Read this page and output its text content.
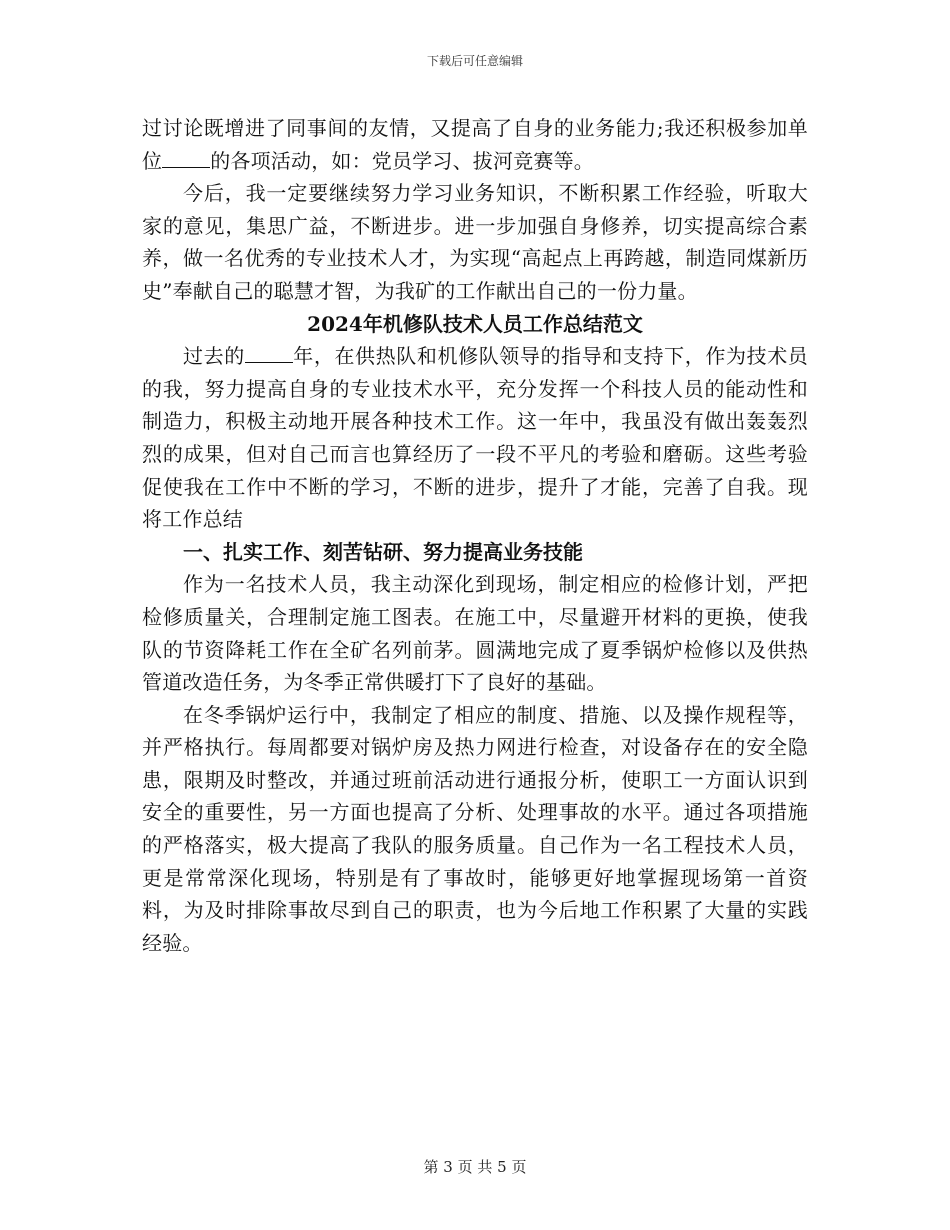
下载后可任意编辑

过讨论既增进了同事间的友情，又提高了自身的业务能力;我还积极参加单位 的各项活动，如：党员学习、拔河竞赛等。

今后，我一定要继续努力学习业务知识，不断积累工作经验，听取大家的意见，集思广益，不断进步。进一步加强自身修养，切实提高综合素养，做一名优秀的专业技术人才，为实现“高起点上再跨越，制造同煤新历史”奉献自己的聪慧才智，为我矿的工作献出自己的一份力量。

2024年机修队技术人员工作总结范文

过去的 年，在供热队和机修队领导的指导和支持下，作为技术员的我，努力提高自身的专业技术水平，充分发挥一个科技人员的能动性和制造力，积极主动地开展各种技术工作。这一年中，我虽没有做出轰轰烈烈的成果，但对自己而言也算经历了一段不平凡的考验和磨砺。这些考验促使我在工作中不断的学习，不断的进步，提升了才能，完善了自我。现将工作总结

一、扎实工作、刻苦钻研、努力提高业务技能

作为一名技术人员，我主动深化到现场，制定相应的检修计划，严把检修质量关，合理制定施工图表。在施工中，尽量避开材料的更换，使我队的节资降耗工作在全矿名列前茅。圆满地完成了夏季锅炉检修以及供热管道改造任务，为冬季正常供暖打下了良好的基础。

在冬季锅炉运行中，我制定了相应的制度、措施、以及操作规程等，并严格执行。每周都要对锅炉房及热力网进行检查，对设备存在的安全隐患，限期及时整改，并通过班前活动进行通报分析，使职工一方面认识到安全的重要性，另一方面也提高了分析、处理事故的水平。通过各项措施的严格落实，极大提高了我队的服务质量。自己作为一名工程技术人员，更是常常深化现场，特别是有了事故时，能够更好地掌握现场第一首资料，为及时排除事故尽到自己的职责，也为今后地工作积累了大量的实践经验。

第 3 页 共 5 页
